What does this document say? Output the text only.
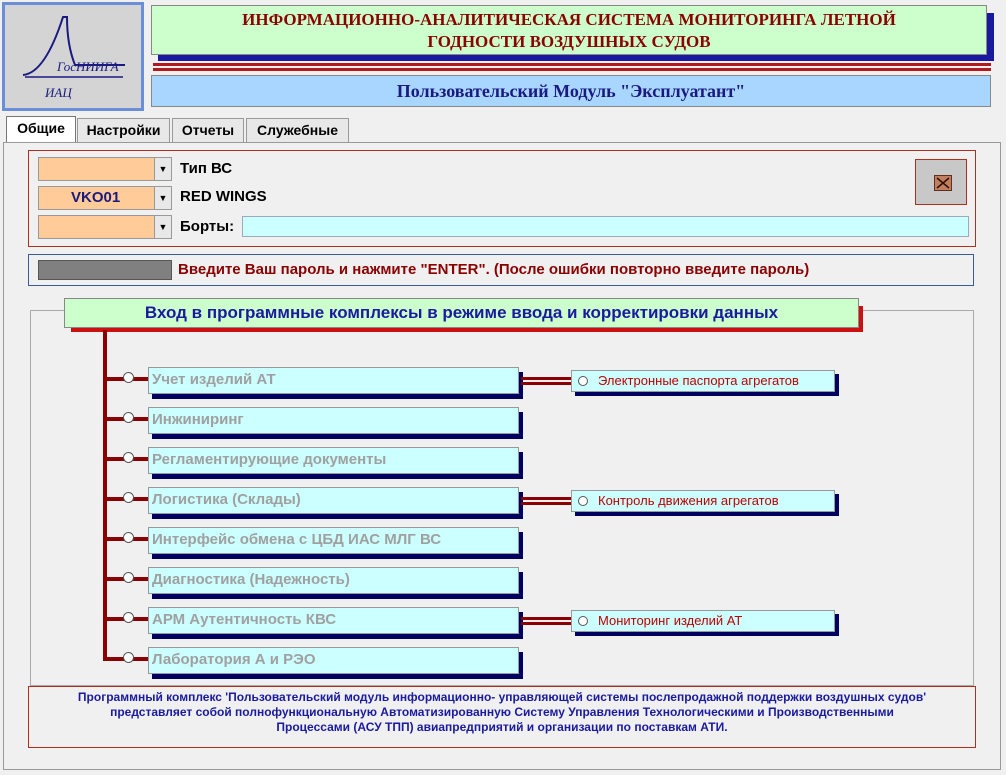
ГосНИИГА
ИАЦ
ИНФОРМАЦИОННО-АНАЛИТИЧЕСКАЯ СИСТЕМА МОНИТОРИНГА ЛЕТНОЙ
ГОДНОСТИ ВОЗДУШНЫХ СУДОВ
Пользовательский Модуль "Эксплуатант"
Общие	Настройки	Отчеты	Служебные
▼ Тип ВС
VKO01	▼ RED WINGS
▼ Борты:
Введите Ваш пароль и нажмите "ENTER". (После ошибки повторно введите пароль)
Вход в программные комплексы в режиме ввода и корректировки данных
Учет изделий АТ	Электронные паспорта агрегатов
Инжиниринг
Регламентирующие документы
Логистика (Склады)	Контроль движения агрегатов
Интерфейс обмена с ЦБД ИАС МЛГ ВС
Диагностика (Надежность)
АРМ Аутентичность КВС	Мониторинг изделий АТ
Лаборатория А и РЭО
Программный комплекс 'Пользовательский модуль информационно- управляющей системы послепродажной поддержки воздушных судов'
представляет собой полнофункциональную Автоматизированную Систему Управления Технологическими и Производственными
Процессами (АСУ ТПП) авиапредприятий и организации по поставкам АТИ.
